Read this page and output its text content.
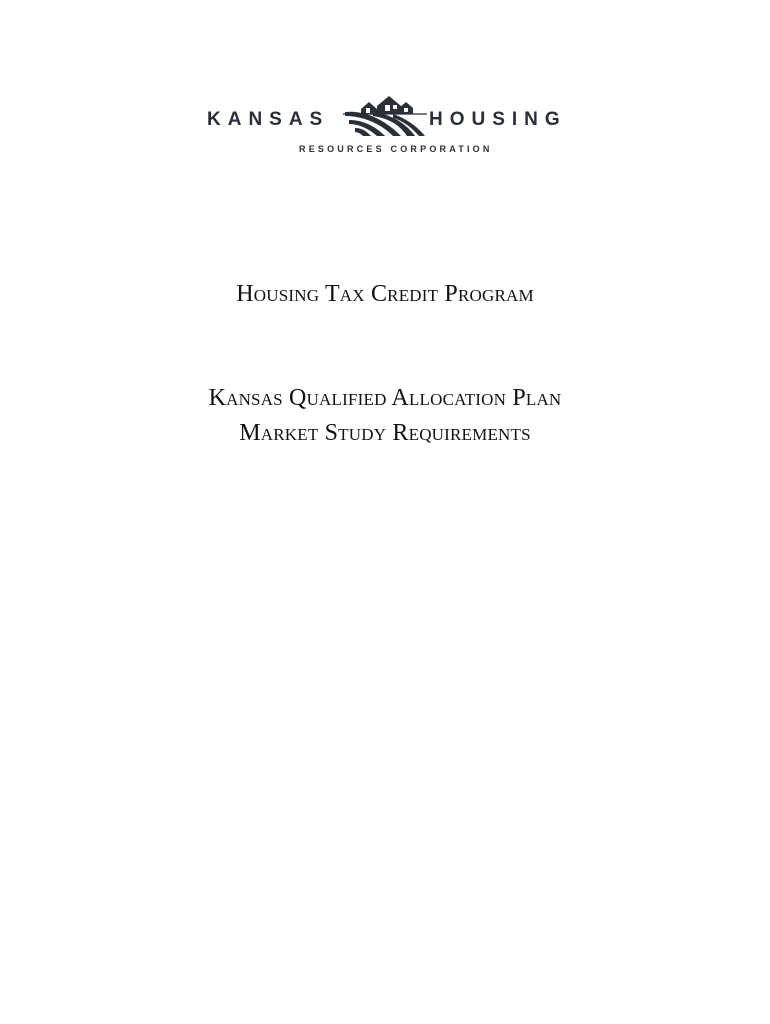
KANSAS	HOUSING
RESOURCES CORPORATION
Housing Tax Credit Program
Kansas Qualified Allocation Plan
Market Study Requirements
